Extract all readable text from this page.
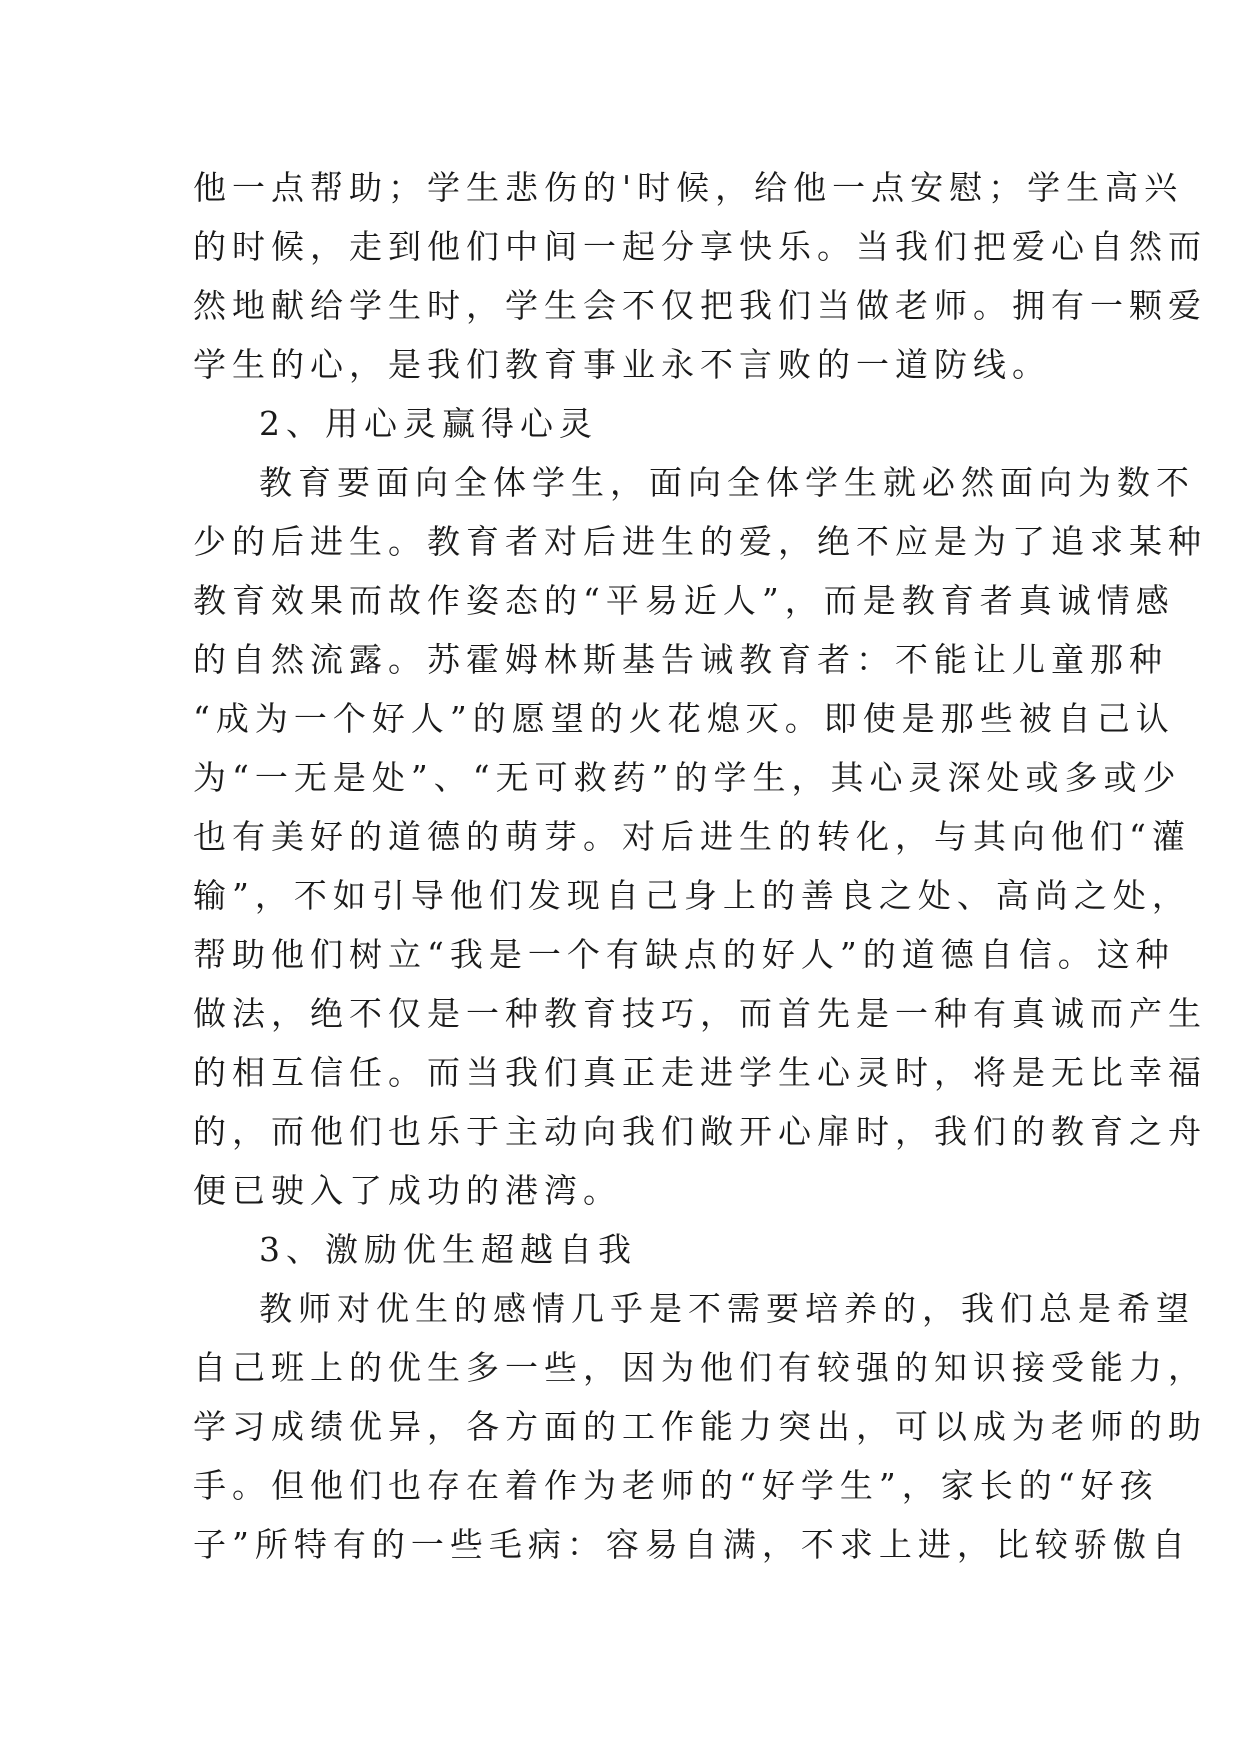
他一点帮助；学生悲伤的'时候，给他一点安慰；学生高兴
的时候，走到他们中间一起分享快乐。当我们把爱心自然而
然地献给学生时，学生会不仅把我们当做老师。拥有一颗爱
学生的心，是我们教育事业永不言败的一道防线。
2、用心灵赢得心灵
教育要面向全体学生，面向全体学生就必然面向为数不
少的后进生。教育者对后进生的爱，绝不应是为了追求某种
教育效果而故作姿态的“平易近人”，而是教育者真诚情感
的自然流露。苏霍姆林斯基告诫教育者：不能让儿童那种
“成为一个好人”的愿望的火花熄灭。即使是那些被自己认
为“一无是处”、“无可救药”的学生，其心灵深处或多或少
也有美好的道德的萌芽。对后进生的转化，与其向他们“灌
输”，不如引导他们发现自己身上的善良之处、高尚之处，
帮助他们树立“我是一个有缺点的好人”的道德自信。这种
做法，绝不仅是一种教育技巧，而首先是一种有真诚而产生
的相互信任。而当我们真正走进学生心灵时，将是无比幸福
的，而他们也乐于主动向我们敞开心扉时，我们的教育之舟
便已驶入了成功的港湾。
3、激励优生超越自我
教师对优生的感情几乎是不需要培养的，我们总是希望
自己班上的优生多一些，因为他们有较强的知识接受能力，
学习成绩优异，各方面的工作能力突出，可以成为老师的助
手。但他们也存在着作为老师的“好学生”，家长的“好孩
子”所特有的一些毛病：容易自满，不求上进，比较骄傲自
